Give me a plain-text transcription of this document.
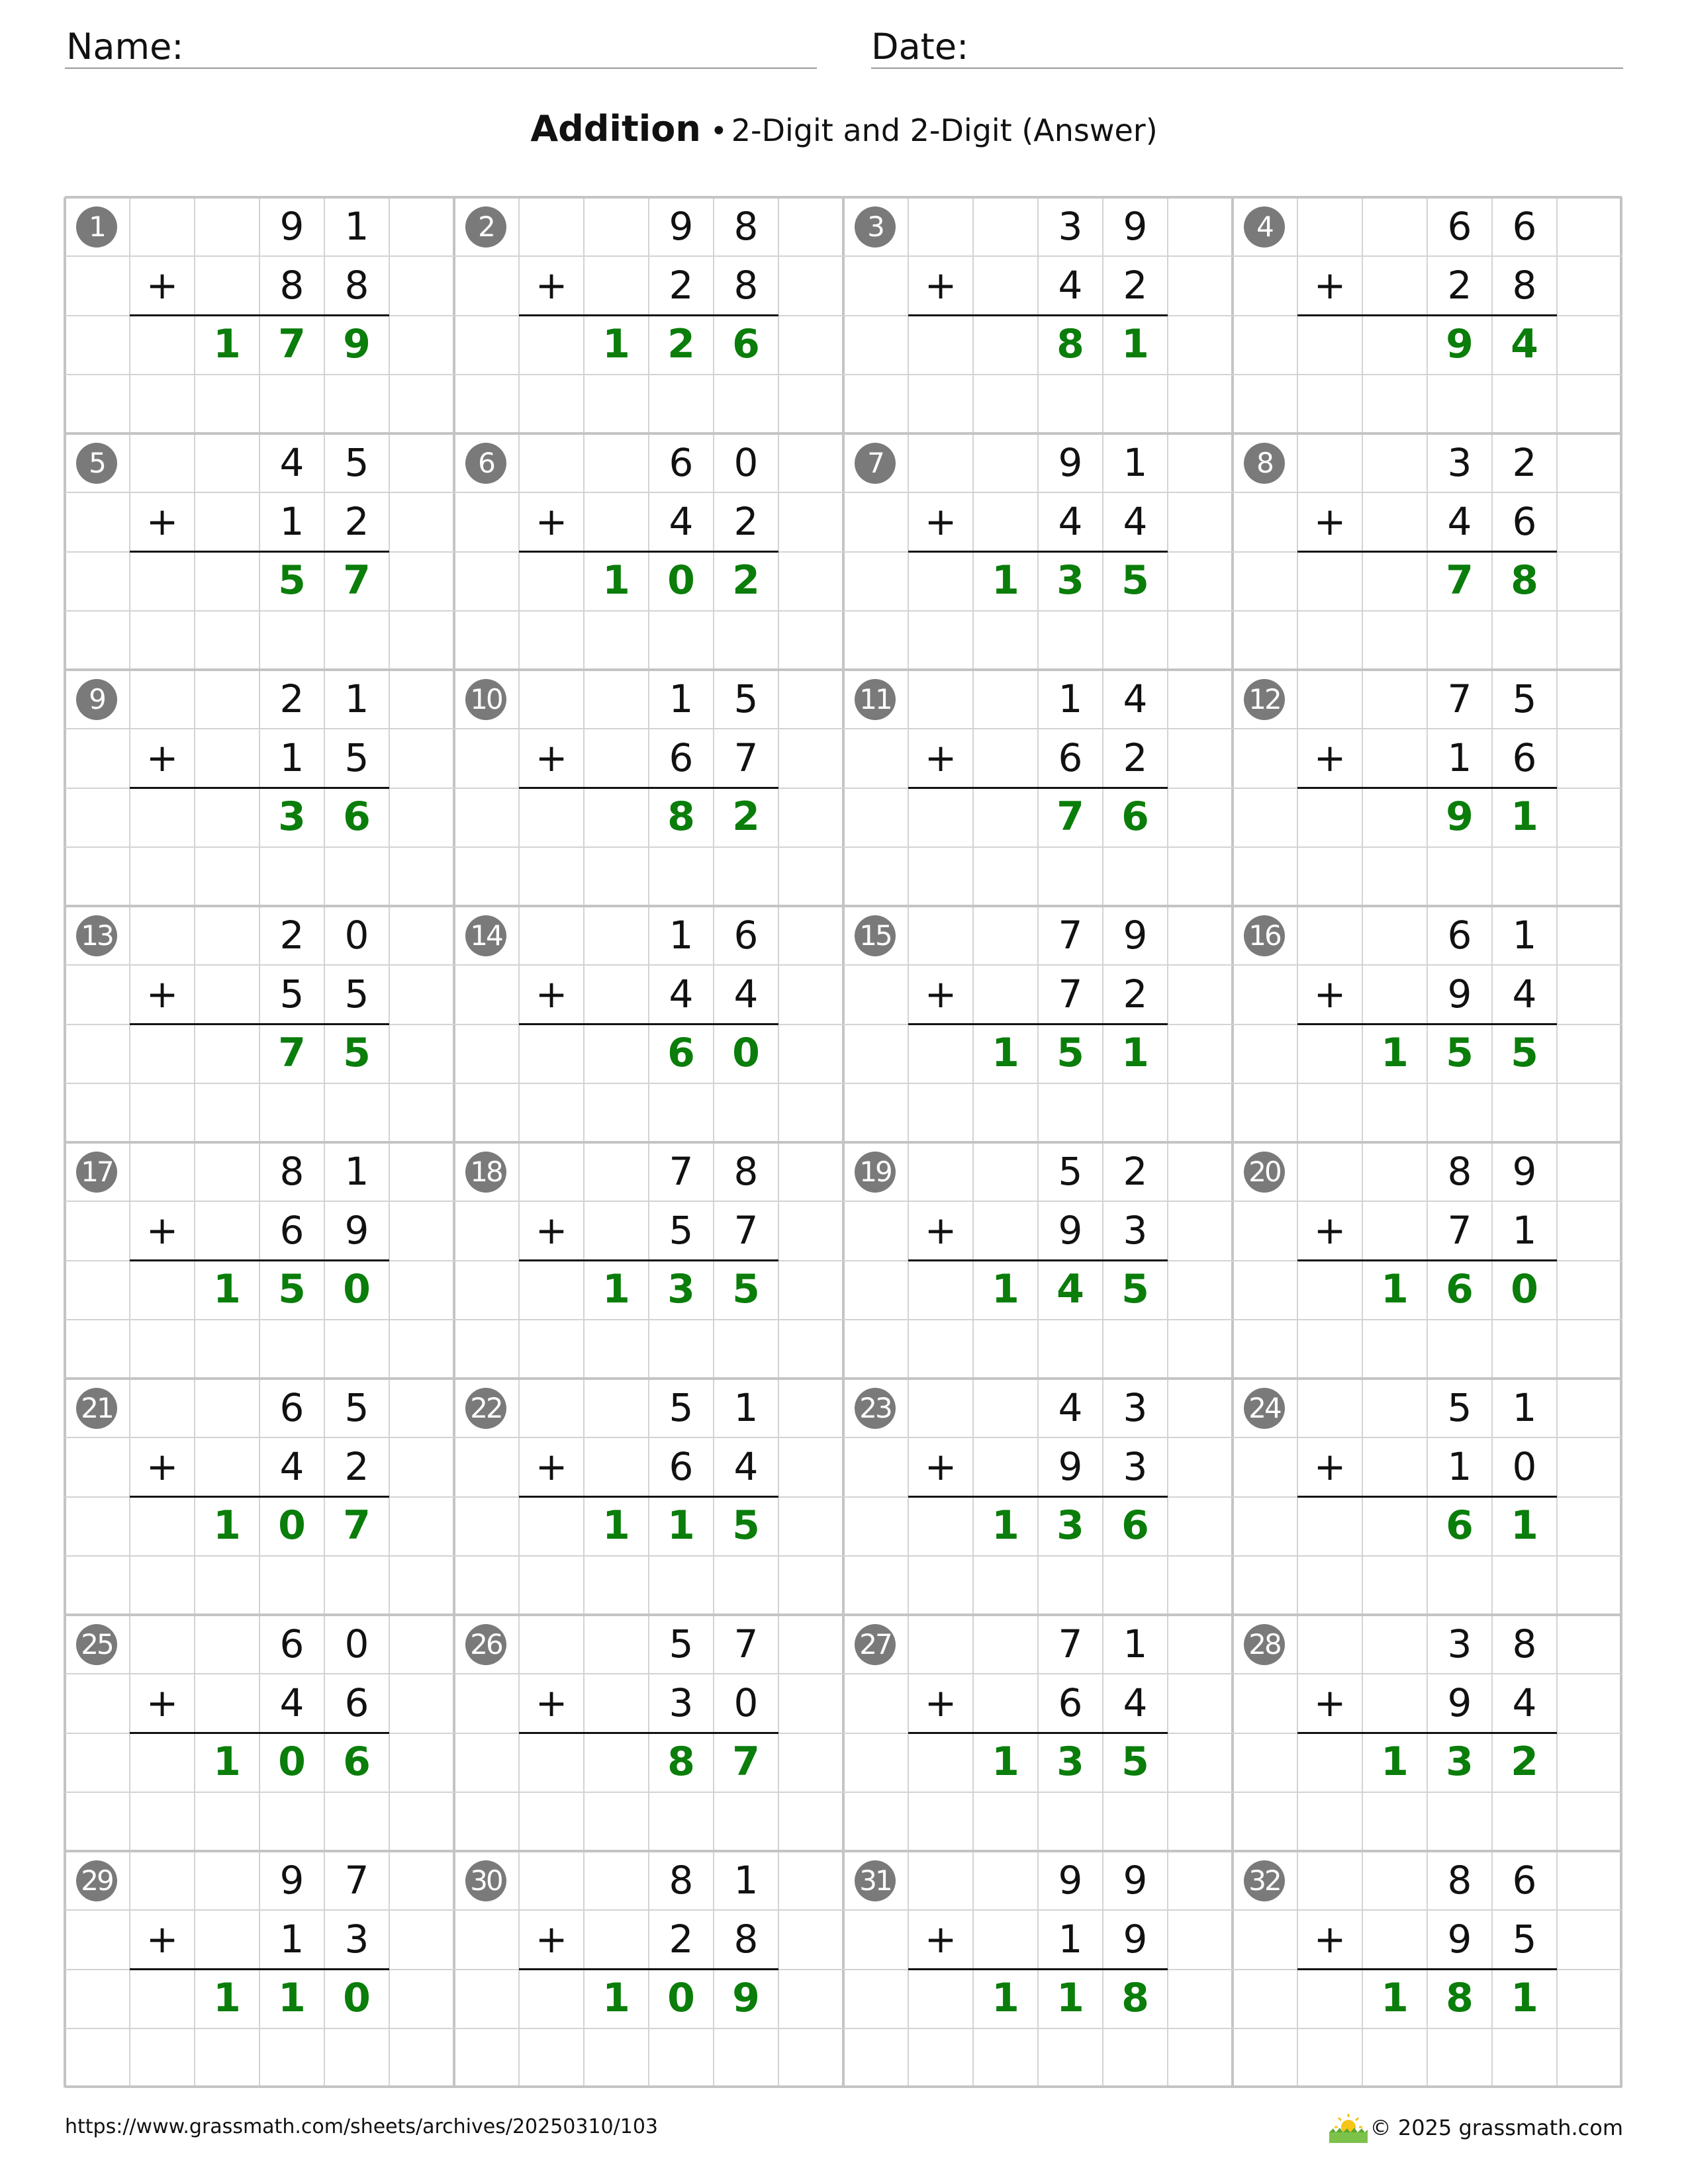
Name:	Date:
Addition • 2-Digit and 2-Digit (Answer)
1	9	1
+	8	8
1 7 9
2	9	8
+	2	8
1 2 6
3	3	9
+	4	2
8 1
4	6	6
+	2	8
9 4
5	4	5
+	1	2
5 7
6	6	0
+	4	2
1 0 2
7	9	1
+	4	4
1 3 5
8	3	2
+	4	6
7 8
9	2	1
+	1	5
3 6
10	1	5
+	6	7
8 2
11	1	4
+	6	2
7 6
12	7	5
+	1	6
9 1
13	2	0
+	5	5
7 5
14	1	6
+	4	4
6 0
15	7	9
+	7	2
1 5 1
16	6	1
+	9	4
1 5 5
17	8	1
+	6	9
1 5 0
18	7	8
+	5	7
1 3 5
19	5	2
+	9	3
1 4 5
20	8	9
+	7	1
1 6 0
21	6	5
+	4	2
1 0 7
22	5	1
+	6	4
1 1 5
23	4	3
+	9	3
1 3 6
24	5	1
+	1	0
6 1
25	6	0
+	4	6
1 0 6
26	5	7
+	3	0
8 7
27	7	1
+	6	4
1 3 5
28	3	8
+	9	4
1 3 2
29	9	7
+	1	3
1 1 0
30	8	1
+	2	8
1 0 9
31	9	9
+	1	9
1 1 8
32	8	6
+	9	5
1 8 1
https://www.grassmath.com/sheets/archives/20250310/103	© 2025 grassmath.com
